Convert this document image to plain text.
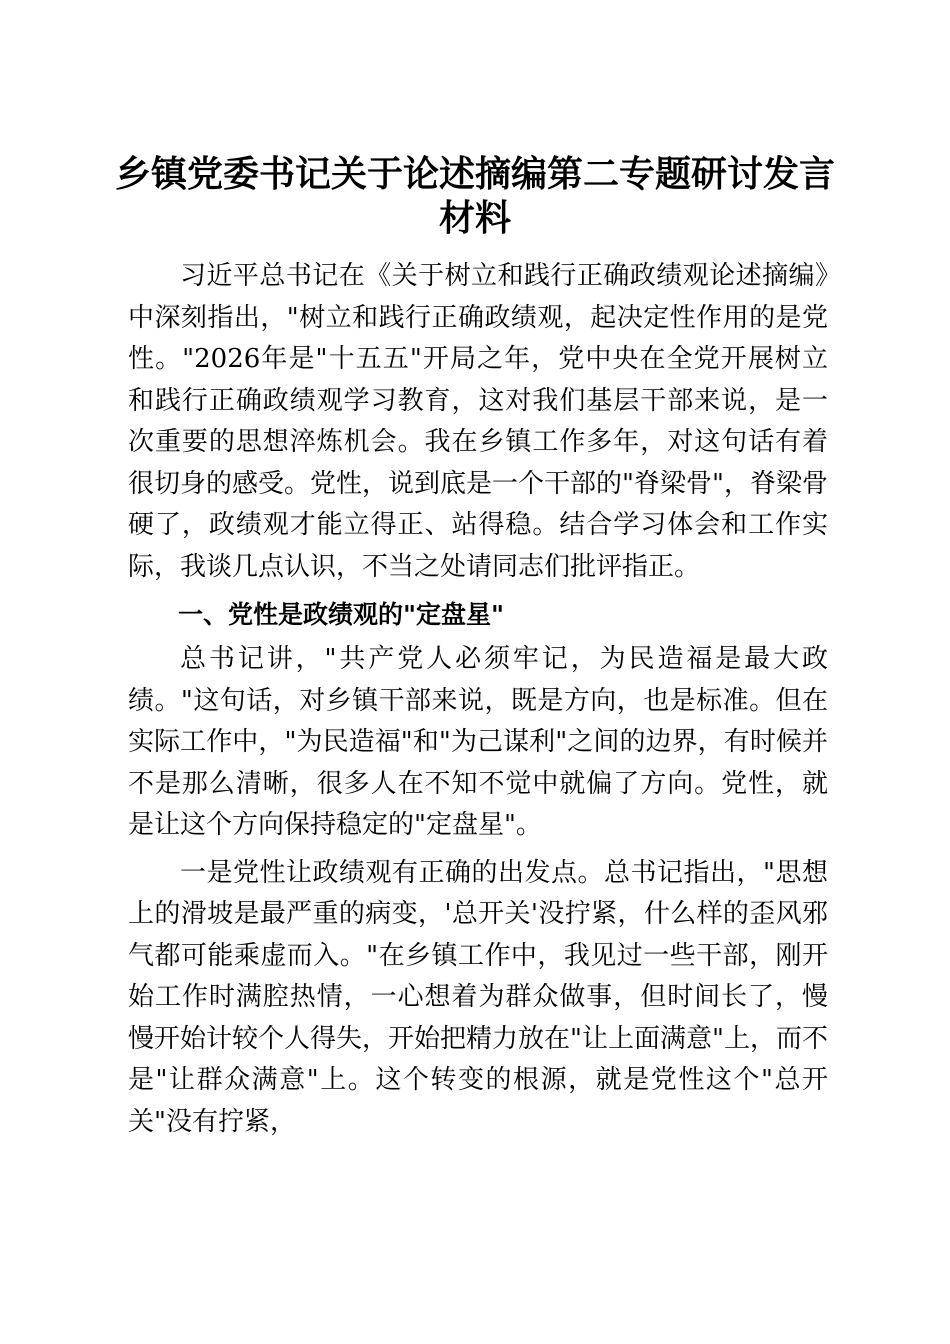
乡镇党委书记关于论述摘编第二专题研讨发言
材料

习近平总书记在《关于树立和践行正确政绩观论述摘编》中深刻指出，"树立和践行正确政绩观，起决定性作用的是党性。"2026年是"十五五"开局之年，党中央在全党开展树立和践行正确政绩观学习教育，这对我们基层干部来说，是一次重要的思想淬炼机会。我在乡镇工作多年，对这句话有着很切身的感受。党性，说到底是一个干部的"脊梁骨"，脊梁骨硬了，政绩观才能立得正、站得稳。结合学习体会和工作实际，我谈几点认识，不当之处请同志们批评指正。

一、党性是政绩观的"定盘星"

总书记讲，"共产党人必须牢记，为民造福是最大政绩。"这句话，对乡镇干部来说，既是方向，也是标准。但在实际工作中，"为民造福"和"为己谋利"之间的边界，有时候并不是那么清晰，很多人在不知不觉中就偏了方向。党性，就是让这个方向保持稳定的"定盘星"。

一是党性让政绩观有正确的出发点。总书记指出，"思想上的滑坡是最严重的病变，'总开关'没拧紧，什么样的歪风邪气都可能乘虚而入。"在乡镇工作中，我见过一些干部，刚开始工作时满腔热情，一心想着为群众做事，但时间长了，慢慢开始计较个人得失，开始把精力放在"让上面满意"上，而不是"让群众满意"上。这个转变的根源，就是党性这个"总开关"没有拧紧，
